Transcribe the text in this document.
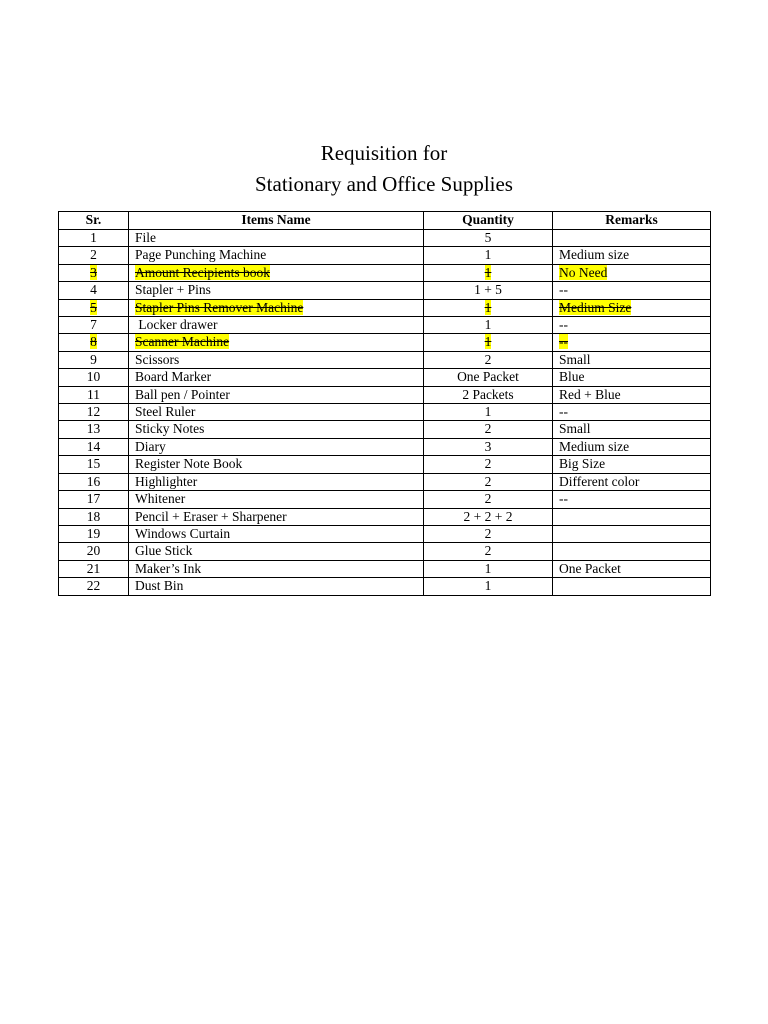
Requisition for
Stationary and Office Supplies
Sr.	Items Name	Quantity	Remarks
1	File	5	
2	Page Punching Machine	1	Medium size
3	Amount Recipients book	1	No Need
4	Stapler + Pins	1 + 5	--
5	Stapler Pins Remover Machine	1	Medium Size
7	Locker drawer	1	--
8	Scanner Machine	1	--
9	Scissors	2	Small
10	Board Marker	One Packet	Blue
11	Ball pen / Pointer	2 Packets	Red + Blue
12	Steel Ruler	1	--
13	Sticky Notes	2	Small
14	Diary	3	Medium size
15	Register Note Book	2	Big Size
16	Highlighter	2	Different color
17	Whitener	2	--
18	Pencil + Eraser + Sharpener	2 + 2 + 2	
19	Windows Curtain	2	
20	Glue Stick	2	
21	Maker’s Ink	1	One Packet
22	Dust Bin	1	
